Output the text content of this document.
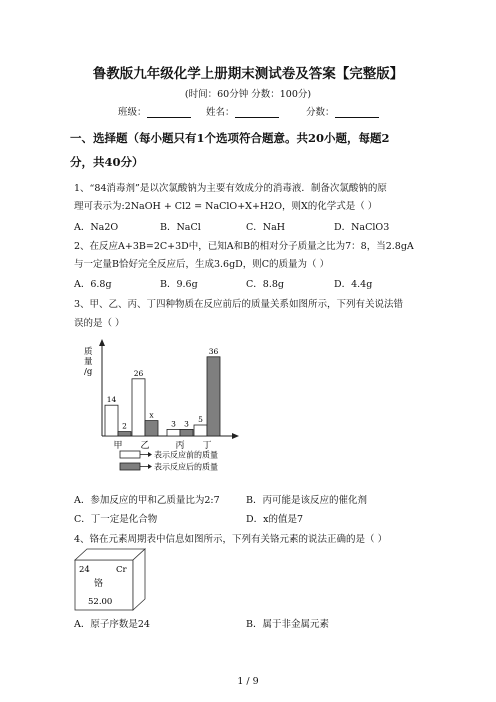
鲁教版九年级化学上册期末测试卷及答案【完整版】
(时间：60分钟 分数：100分)
班级：	姓名：	分数：
一、选择题（每小题只有1个选项符合题意。共20小题，每题2
分，共40分）
1、“84消毒剂”是以次氯酸钠为主要有效成分的消毒液．制备次氯酸钠的原
理可表示为:2NaOH + Cl2 = NaClO+X+H2O，则X的化学式是（ ）
A．Na2O	B．NaCl	C．NaH	D．NaClO3
2、在反应A+3B=2C+3D中，已知A和B的相对分子质量之比为7：8，当2.8gA
与一定量B恰好完全反应后，生成3.6gD，则C的质量为（ ）
A．6.8g	B．9.6g	C．8.8g	D．4.4g
3、甲、乙、丙、丁四种物质在反应前后的质量关系如图所示，下列有关说法错
误的是（ ）
质量/g
14
2
甲
26
x
乙
3 3
丙
5
36
丁
表示反应前的质量
表示反应后的质量
A．参加反应的甲和乙质量比为2:7	B．丙可能是该反应的催化剂
C．丁一定是化合物	D．x的值是7
4、铬在元素周期表中信息如图所示，下列有关铬元素的说法正确的是（ ）
24	Cr
铬
52.00
A．原子序数是24	B．属于非金属元素
1 / 9
